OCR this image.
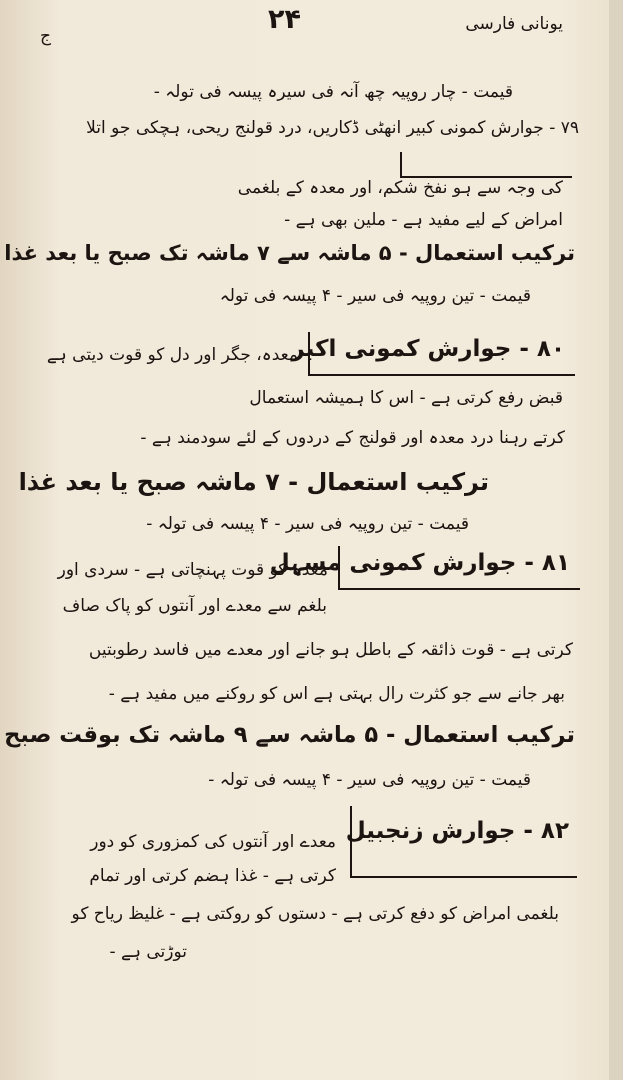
یونانی فارسی
۲۴
ج
قیمت - چار روپیہ چھ آنہ فی سیرہ پیسہ فی تولہ -
۷۹ - جوارش کمونی کبیر انھٹی ڈکاریں، درد قولنج ریحی، ہچکی جو اتلا
کی وجہ سے ہو نفخ شکم، اور معدہ کے بلغمی
امراض کے لیے مفید ہے - ملین بھی ہے -
ترکیب استعمال - ۵ ماشہ سے ۷ ماشہ تک صبح یا بعد غذا
قیمت - تین روپیہ فی سیر - ۴ پیسہ فی تولہ
۸۰ - جوارش کمونی اکبر
معدہ، جگر اور دل کو قوت دیتی ہے
قبض رفع کرتی ہے - اس کا ہمیشہ استعمال
کرتے رہنا درد معدہ اور قولنج کے دردوں کے لئے سودمند ہے -
ترکیب استعمال - ۷ ماشہ صبح یا بعد غذا
قیمت - تین روپیہ فی سیر - ۴ پیسہ فی تولہ -
۸۱ - جوارش کمونی مسہل
معدہ کو قوت پہنچاتی ہے - سردی اور
بلغم سے معدے اور آنتوں کو پاک صاف
کرتی ہے - قوت ذائقہ کے باطل ہو جانے اور معدے میں فاسد رطوبتیں
بھر جانے سے جو کثرت رال بہتی ہے اس کو روکنے میں مفید ہے -
ترکیب استعمال - ۵ ماشہ سے ۹ ماشہ تک بوقت صبح
قیمت - تین روپیہ فی سیر - ۴ پیسہ فی تولہ -
۸۲ - جوارش زنجبیل
معدے اور آنتوں کی کمزوری کو دور
کرتی ہے - غذا ہضم کرتی اور تمام
بلغمی امراض کو دفع کرتی ہے - دستوں کو روکتی ہے - غلیظ ریاح کو
توڑتی ہے -
